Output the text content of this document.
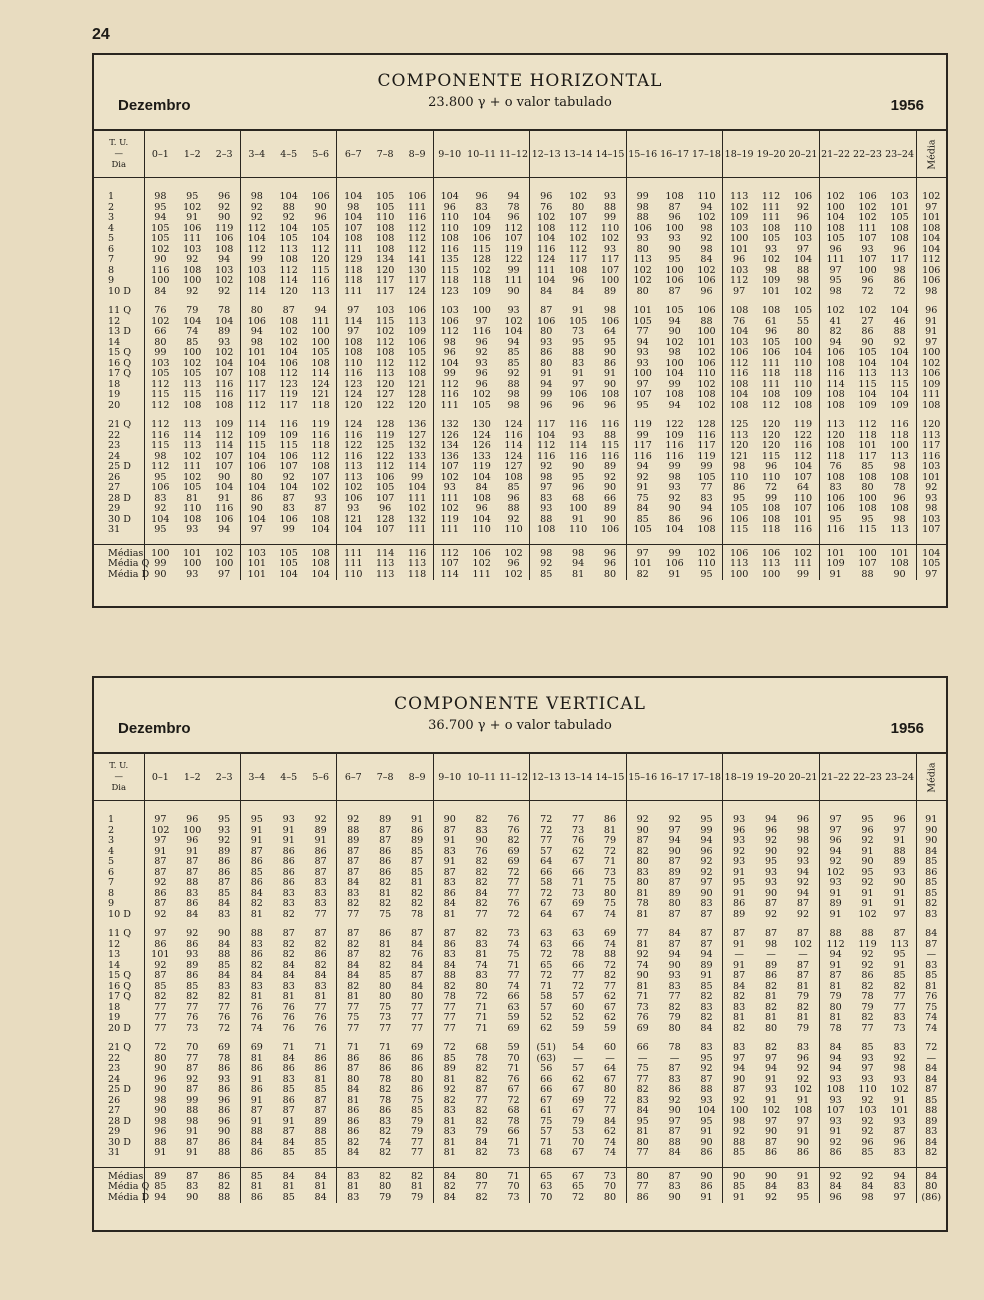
24
COMPONENTE HORIZONTAL
23.800 γ + o valor tabulado
Dezembro	1956
T. U.
—
Dia	0–1	1–2	2–3	3–4	4–5	5–6	6–7	7–8	8–9	9–10	10–11	11–12	12–13	13–14	14–15	15–16	16–17	17–18	18–19	19–20	20–21	21–22	22–23	23–24	Média

1	98	95	96	98	104	106	104	105	106	104	96	94	96	102	93	99	108	110	113	112	106	102	106	103	102
2	95	102	92	92	88	90	98	105	111	96	83	78	76	80	88	98	87	94	102	111	92	100	102	101	97
3	94	91	90	92	92	96	104	110	116	110	104	96	102	107	99	88	96	102	109	111	96	104	102	105	101
4	105	106	119	112	104	105	107	108	112	110	109	112	108	112	110	106	100	98	103	108	110	108	111	108	108
5	105	111	106	104	105	104	108	108	112	108	106	107	104	102	102	93	93	92	100	105	103	105	107	108	104
6	102	103	108	112	113	112	111	108	112	116	115	119	116	112	93	80	90	98	101	93	97	96	93	96	104
7	90	92	94	99	108	120	129	134	141	135	128	122	124	117	117	113	95	84	96	102	104	111	107	117	112
8	116	108	103	103	112	115	118	120	130	115	102	99	111	108	107	102	100	102	103	98	88	97	100	98	106
9	100	100	102	108	114	116	118	117	117	118	118	111	104	96	100	102	106	106	112	109	98	95	96	86	106
10 D	84	92	92	114	120	113	111	117	124	123	109	90	84	84	89	80	87	96	97	101	102	98	72	72	98

11 Q	76	79	78	80	87	94	97	103	106	103	100	93	87	91	98	101	105	106	108	108	105	102	102	104	96
12	102	104	104	106	108	111	114	115	113	106	97	102	106	105	106	105	94	88	76	61	55	41	27	46	91
13 D	66	74	89	94	102	100	97	102	109	112	116	104	80	73	64	77	90	100	104	96	80	82	86	88	91
14	80	85	93	98	102	100	108	112	106	98	96	94	93	95	95	94	102	101	103	105	100	94	90	92	97
15 Q	99	100	102	101	104	105	108	108	105	96	92	85	86	88	90	93	98	102	106	106	104	106	105	104	100
16 Q	103	102	104	104	106	108	110	112	112	104	93	85	80	83	86	93	100	106	112	111	110	108	104	104	102
17 Q	105	105	107	108	112	114	116	113	108	99	96	92	91	91	91	100	104	110	116	118	118	116	113	113	106
18	112	113	116	117	123	124	123	120	121	112	96	88	94	97	90	97	99	102	108	111	110	114	115	115	109
19	115	115	116	117	119	121	124	127	128	116	102	98	99	106	108	107	108	108	104	108	109	108	104	104	111
20	112	108	108	112	117	118	120	122	120	111	105	98	96	96	96	95	94	102	108	112	108	108	109	109	108

21 Q	112	113	109	114	116	119	124	128	136	132	130	124	117	116	116	119	122	128	125	120	119	113	112	116	120
22	116	114	112	109	109	116	116	119	127	126	124	116	104	93	88	99	109	116	113	120	122	120	118	118	113
23	115	113	114	115	115	118	122	125	132	134	126	114	112	114	115	117	116	117	120	120	116	108	101	100	117
24	98	102	107	104	106	112	116	122	133	136	133	124	116	116	116	116	116	119	121	115	112	118	117	113	116
25 D	112	111	107	106	107	108	113	112	114	107	119	127	92	90	89	94	99	99	98	96	104	76	85	98	103
26	95	102	90	80	92	107	113	106	99	102	104	108	98	95	92	92	98	105	110	110	107	108	108	108	101
27	106	105	104	104	104	102	102	105	104	93	84	85	97	96	90	91	93	77	86	72	64	83	80	78	92
28 D	83	81	91	86	87	93	106	107	111	111	108	96	83	68	66	75	92	83	95	99	110	106	100	96	93
29	92	110	116	90	83	87	93	96	102	102	96	88	93	100	89	84	90	94	105	108	107	106	108	108	98
30 D	104	108	106	104	106	108	121	128	132	119	104	92	88	91	90	85	86	96	106	108	101	95	95	98	103
31	95	93	94	97	99	104	104	107	111	111	110	110	108	110	106	105	104	108	115	118	116	116	115	113	107

Médias	100	101	102	103	105	108	111	114	116	112	106	102	98	98	96	97	99	102	106	106	102	101	100	101	104
Média Q	99	100	100	101	105	108	111	113	113	107	102	96	92	94	96	101	106	110	113	113	111	109	107	108	105
Média D	90	93	97	101	104	104	110	113	118	114	111	102	85	81	80	82	91	95	100	100	99	91	88	90	97
COMPONENTE VERTICAL
36.700 γ + o valor tabulado
Dezembro	1956
T. U.
—
Dia	0–1	1–2	2–3	3–4	4–5	5–6	6–7	7–8	8–9	9–10	10–11	11–12	12–13	13–14	14–15	15–16	16–17	17–18	18–19	19–20	20–21	21–22	22–23	23–24	Média

1	97	96	95	95	93	92	92	89	91	90	82	76	72	77	86	92	92	95	93	94	96	97	95	96	91
2	102	100	93	91	91	89	88	87	86	87	83	76	72	73	81	90	97	99	96	96	98	97	96	97	90
3	97	96	92	91	91	91	89	87	89	91	90	82	77	76	79	87	94	94	93	92	98	96	92	91	90
4	91	91	89	87	86	86	87	86	85	83	76	69	57	62	72	82	90	96	92	90	92	94	91	88	84
5	87	87	86	86	86	87	87	86	87	91	82	69	64	67	71	80	87	92	93	95	93	92	90	89	85
6	87	87	86	85	86	87	87	86	85	87	82	72	66	66	73	83	89	92	91	93	94	102	95	93	86
7	92	88	87	86	86	83	84	82	81	83	82	77	58	71	75	80	87	97	95	93	92	93	92	90	85
8	86	83	85	84	83	83	83	81	82	86	84	77	72	73	80	81	89	90	91	90	94	91	91	91	85
9	87	86	84	82	83	83	82	82	82	84	82	76	67	69	75	78	80	83	86	87	87	89	91	91	82
10 D	92	84	83	81	82	77	77	75	78	81	77	72	64	67	74	81	87	87	89	92	92	91	102	97	83

11 Q	97	92	90	88	87	87	87	86	87	87	82	73	63	63	69	77	84	87	87	87	87	88	88	87	84
12	86	86	84	83	82	82	82	81	84	86	83	74	63	66	74	81	87	87	91	98	102	112	119	113	87
13	101	93	88	86	82	86	87	82	76	83	81	75	72	78	88	92	94	94	—	—	—	94	92	95	—
14	92	89	85	82	84	82	84	82	84	84	74	71	65	66	72	74	90	89	91	89	87	91	92	91	83
15 Q	87	86	84	84	84	84	84	85	87	88	83	77	72	77	82	90	93	91	87	86	87	87	86	85	85
16 Q	85	85	83	83	83	83	82	80	84	82	80	74	71	72	77	81	83	85	84	82	81	81	82	82	81
17 Q	82	82	82	81	81	81	81	80	80	78	72	66	58	57	62	71	77	82	82	81	79	79	78	77	76
18	77	77	77	76	76	77	77	75	77	77	71	63	57	60	67	73	82	83	83	82	82	80	79	77	75
19	77	76	76	76	76	76	75	73	77	77	71	59	52	52	62	76	79	82	81	81	81	81	82	83	74
20 D	77	73	72	74	76	76	77	77	77	77	71	69	62	59	59	69	80	84	82	80	79	78	77	73	74

21 Q	72	70	69	69	71	71	71	71	69	72	68	59	(51)	54	60	66	78	83	83	82	83	84	85	83	72
22	80	77	78	81	84	86	86	86	86	85	78	70	(63)	—	—	—	—	95	97	97	96	94	93	92	—
23	90	87	86	86	86	86	87	86	86	89	82	71	56	57	64	75	87	92	94	94	92	94	97	98	84
24	96	92	93	91	83	81	80	78	80	81	82	76	66	62	67	77	83	87	90	91	92	93	93	93	84
25 D	90	87	86	86	85	85	84	82	86	92	87	67	66	67	80	82	86	88	87	93	102	108	110	102	87
26	98	99	96	91	86	87	81	78	75	82	77	72	67	69	72	83	92	93	92	91	91	93	92	91	85
27	90	88	86	87	87	87	86	86	85	83	82	68	61	67	77	84	90	104	100	102	108	107	103	101	88
28 D	98	98	96	91	91	89	86	83	79	81	82	78	75	79	84	95	97	95	98	97	97	93	92	93	89
29	96	91	90	88	87	88	86	82	79	83	79	66	57	53	62	81	87	91	92	90	91	91	92	87	83
30 D	88	87	86	84	84	85	82	74	77	81	84	71	71	70	74	80	88	90	88	87	90	92	96	96	84
31	91	91	88	86	85	85	84	82	77	81	82	73	68	67	74	77	84	86	85	86	86	86	85	83	82

Médias	89	87	86	85	84	84	83	82	82	84	80	71	65	67	73	80	87	90	90	90	91	92	92	94	84
Média Q	85	83	82	81	81	81	81	80	81	82	77	70	63	65	70	77	83	86	85	84	83	84	84	83	80
Média D	94	90	88	86	85	84	83	79	79	84	82	73	70	72	80	86	90	91	91	92	95	96	98	97	(86)
